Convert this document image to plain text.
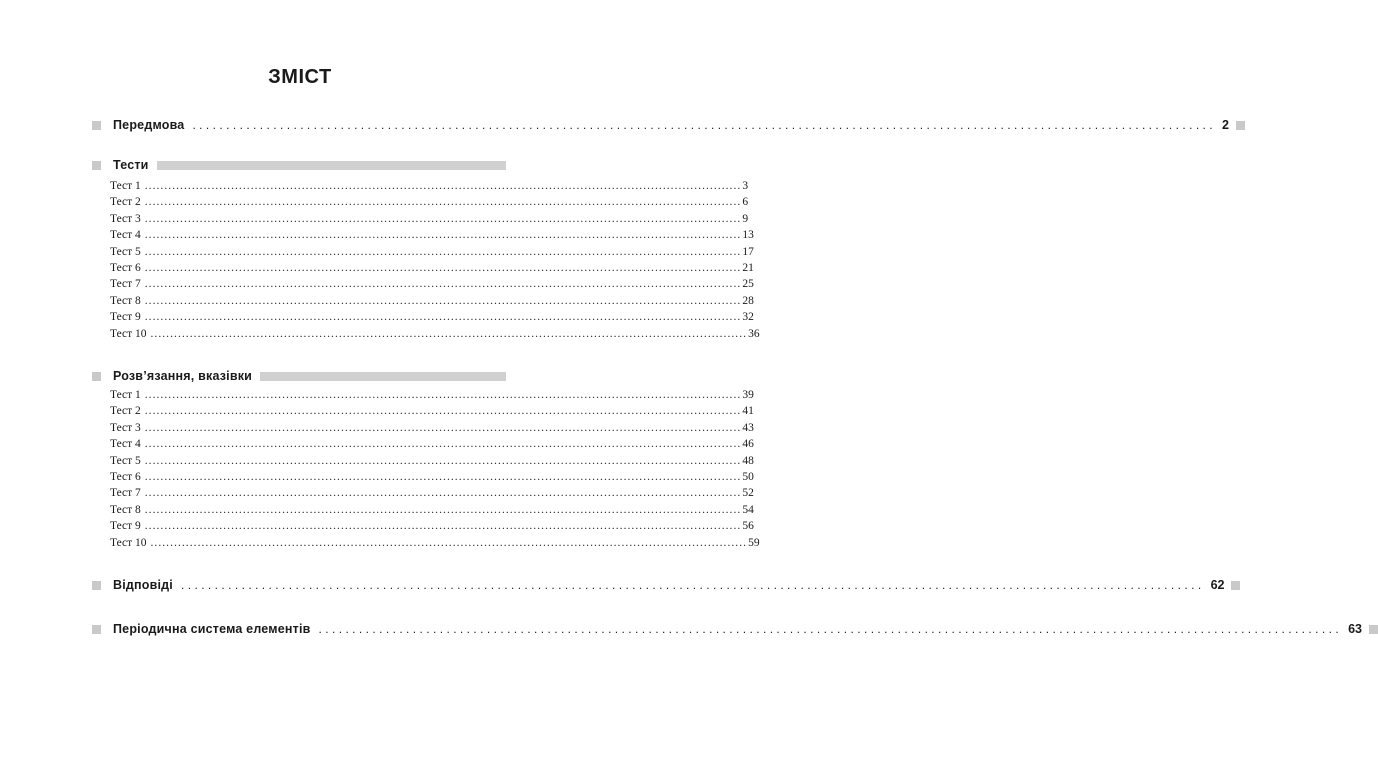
ЗМІСТ
Передмова ........................................................................................................................................................ 2
Тести
Тест 1 ........................................................................................................................................................ 3
Тест 2 ........................................................................................................................................................ 6
Тест 3 ........................................................................................................................................................ 9
Тест 4 ........................................................................................................................................................ 13
Тест 5 ........................................................................................................................................................ 17
Тест 6 ........................................................................................................................................................ 21
Тест 7 ........................................................................................................................................................ 25
Тест 8 ........................................................................................................................................................ 28
Тест 9 ........................................................................................................................................................ 32
Тест 10 ........................................................................................................................................................ 36
Розв’язання, вказівки
Тест 1 ........................................................................................................................................................ 39
Тест 2 ........................................................................................................................................................ 41
Тест 3 ........................................................................................................................................................ 43
Тест 4 ........................................................................................................................................................ 46
Тест 5 ........................................................................................................................................................ 48
Тест 6 ........................................................................................................................................................ 50
Тест 7 ........................................................................................................................................................ 52
Тест 8 ........................................................................................................................................................ 54
Тест 9 ........................................................................................................................................................ 56
Тест 10 ........................................................................................................................................................ 59
Відповіді ........................................................................................................................................................ 62
Періодична система елементів ........................................................................................................................................................ 63
